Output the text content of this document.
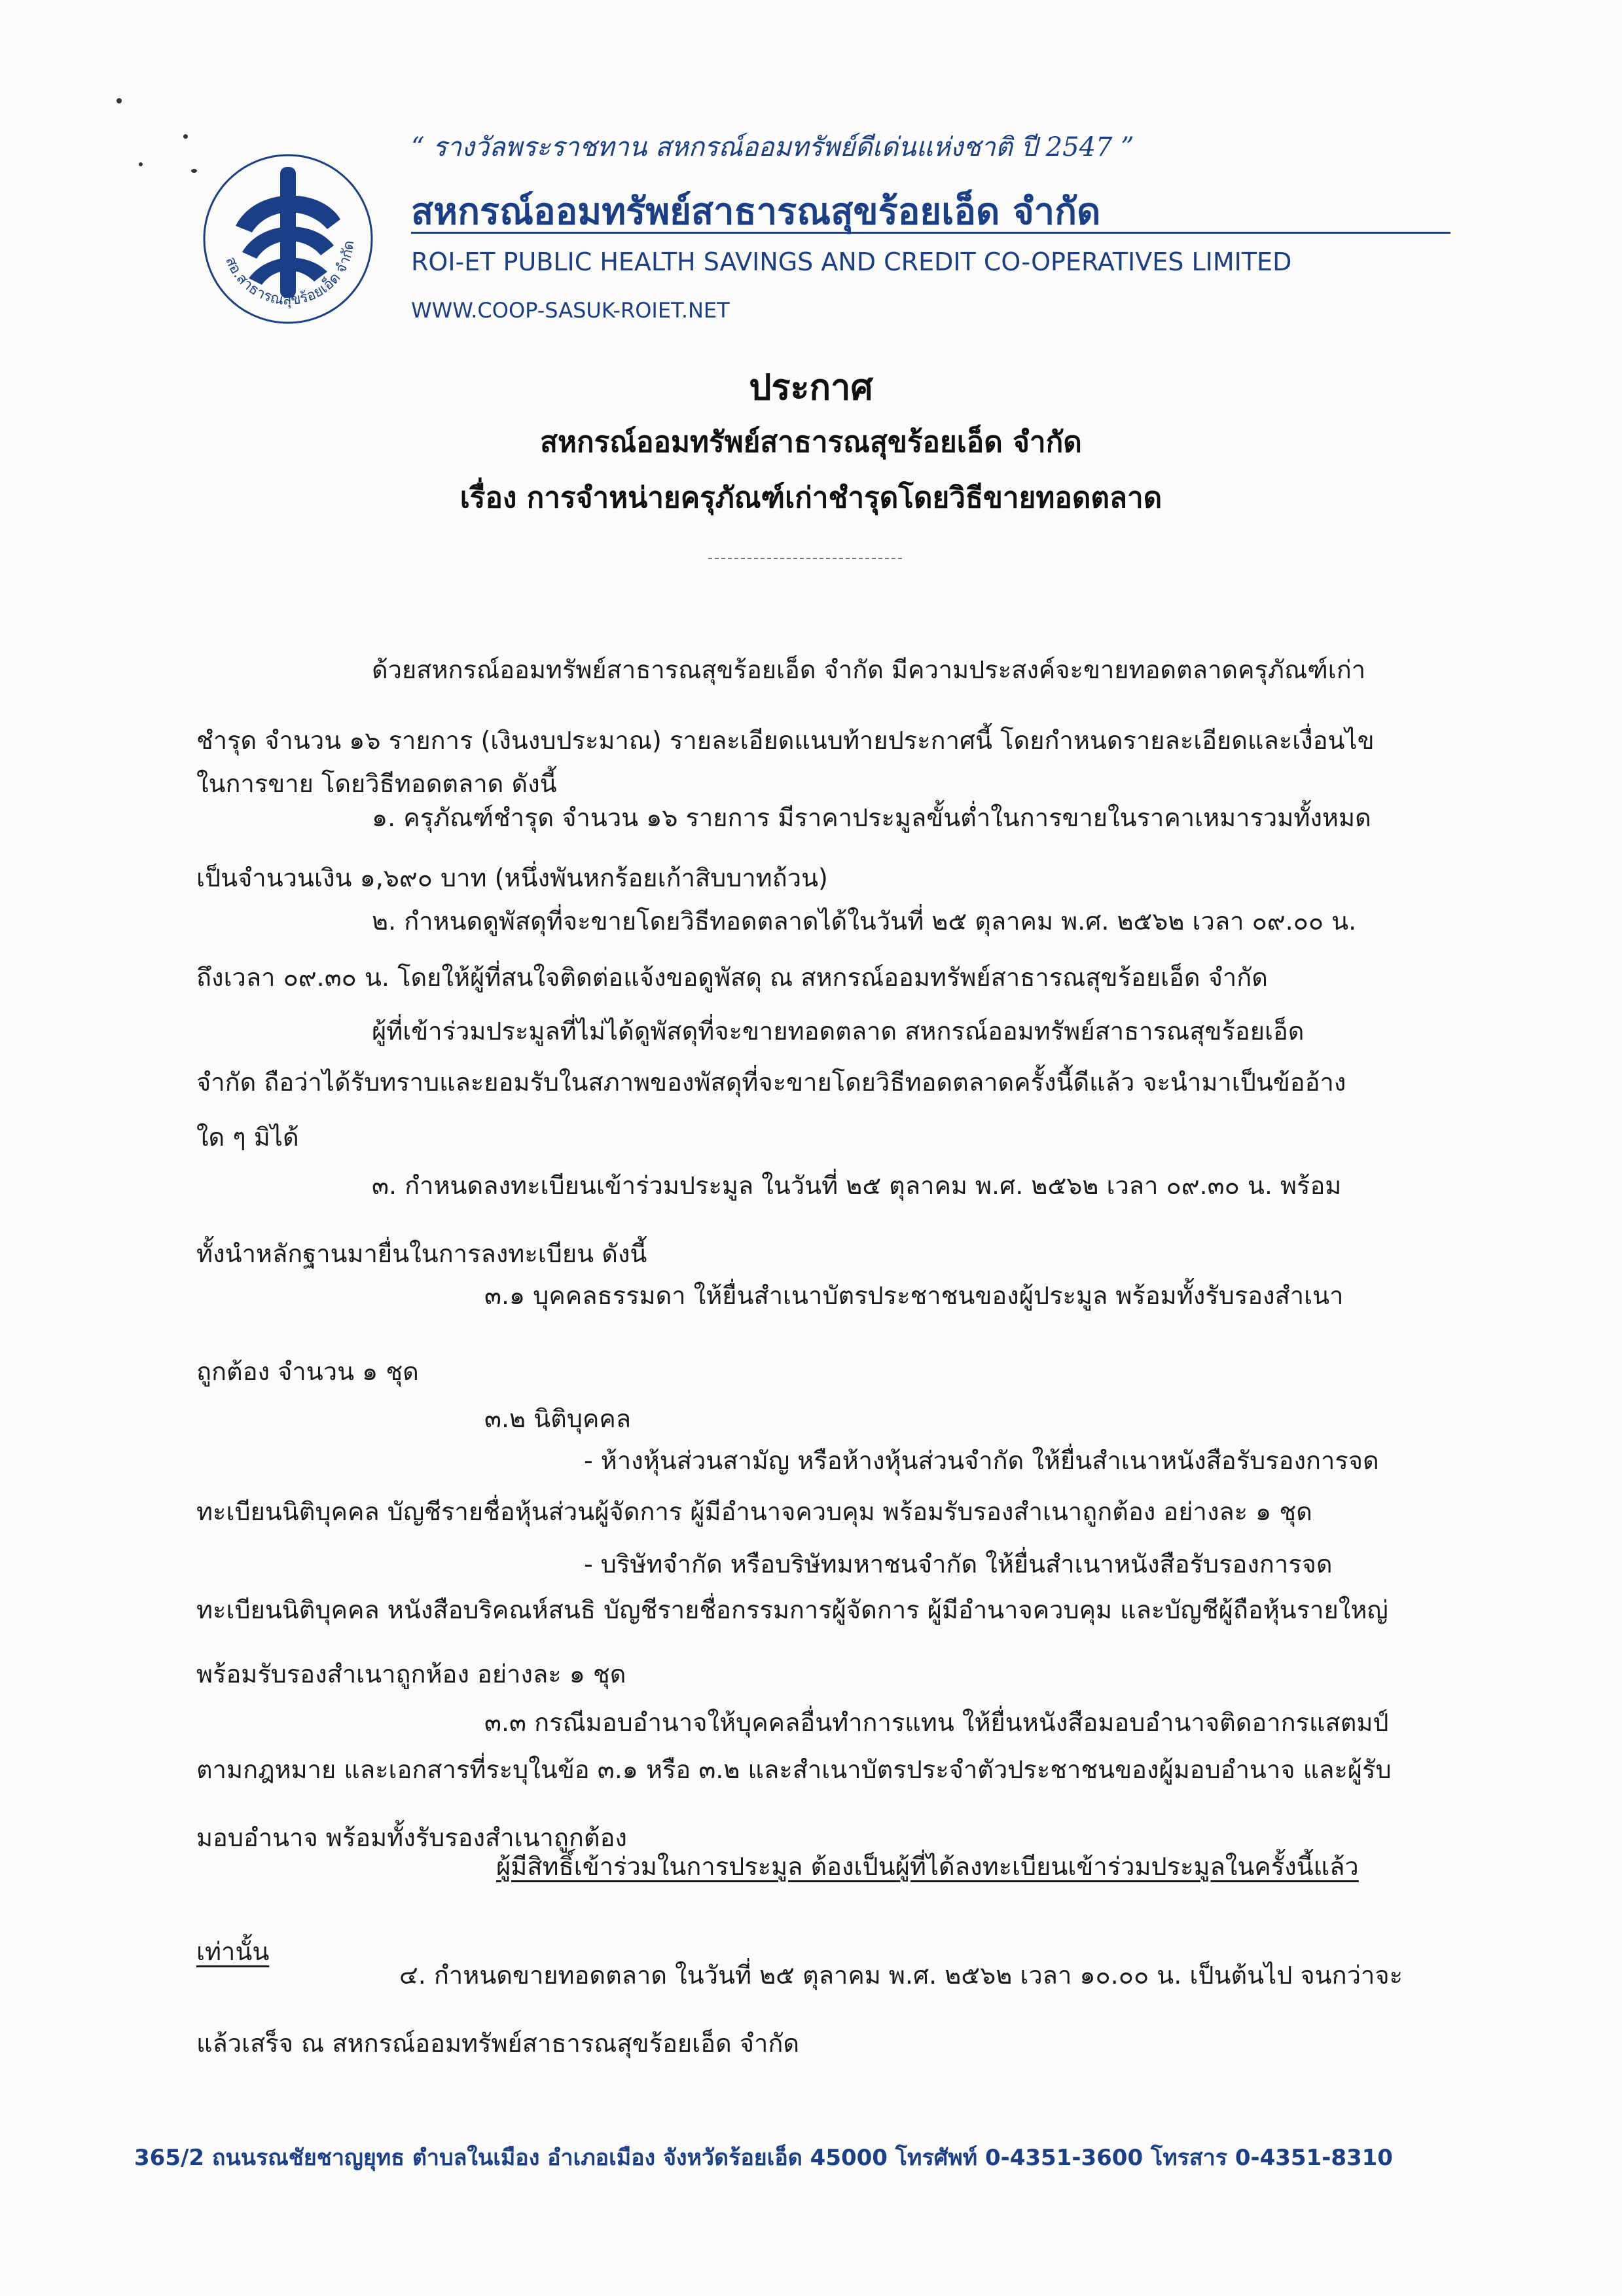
สอ.สาธารณสุขร้อยเอ็ด จำกัด
“ รางวัลพระราชทาน สหกรณ์ออมทรัพย์ดีเด่นแห่งชาติ ปี 2547 ”
สหกรณ์ออมทรัพย์สาธารณสุขร้อยเอ็ด จำกัด
ROI-ET PUBLIC HEALTH SAVINGS AND CREDIT CO-OPERATIVES LIMITED
WWW.COOP-SASUK-ROIET.NET
ประกาศ
สหกรณ์ออมทรัพย์สาธารณสุขร้อยเอ็ด จำกัด
เรื่อง การจำหน่ายครุภัณฑ์เก่าชำรุดโดยวิธีขายทอดตลาด
ด้วยสหกรณ์ออมทรัพย์สาธารณสุขร้อยเอ็ด จำกัด มีความประสงค์จะขายทอดตลาดครุภัณฑ์เก่า
ชำรุด จำนวน ๑๖ รายการ (เงินงบประมาณ) รายละเอียดแนบท้ายประกาศนี้ โดยกำหนดรายละเอียดและเงื่อนไข
ในการขาย โดยวิธีทอดตลาด ดังนี้
๑. ครุภัณฑ์ชำรุด จำนวน ๑๖ รายการ มีราคาประมูลขั้นต่ำในการขายในราคาเหมารวมทั้งหมด
เป็นจำนวนเงิน ๑,๖๙๐ บาท (หนึ่งพันหกร้อยเก้าสิบบาทถ้วน)
๒. กำหนดดูพัสดุที่จะขายโดยวิธีทอดตลาดได้ในวันที่ ๒๕ ตุลาคม พ.ศ. ๒๕๖๒ เวลา ๐๙.๐๐ น.
ถึงเวลา ๐๙.๓๐ น. โดยให้ผู้ที่สนใจติดต่อแจ้งขอดูพัสดุ ณ สหกรณ์ออมทรัพย์สาธารณสุขร้อยเอ็ด จำกัด
ผู้ที่เข้าร่วมประมูลที่ไม่ได้ดูพัสดุที่จะขายทอดตลาด สหกรณ์ออมทรัพย์สาธารณสุขร้อยเอ็ด
จำกัด ถือว่าได้รับทราบและยอมรับในสภาพของพัสดุที่จะขายโดยวิธีทอดตลาดครั้งนี้ดีแล้ว จะนำมาเป็นข้ออ้าง
ใด ๆ มิได้
๓. กำหนดลงทะเบียนเข้าร่วมประมูล ในวันที่ ๒๕ ตุลาคม พ.ศ. ๒๕๖๒ เวลา ๐๙.๓๐ น. พร้อม
ทั้งนำหลักฐานมายื่นในการลงทะเบียน ดังนี้
๓.๑ บุคคลธรรมดา ให้ยื่นสำเนาบัตรประชาชนของผู้ประมูล พร้อมทั้งรับรองสำเนา
ถูกต้อง จำนวน ๑ ชุด
๓.๒ นิติบุคคล
- ห้างหุ้นส่วนสามัญ หรือห้างหุ้นส่วนจำกัด ให้ยื่นสำเนาหนังสือรับรองการจด
ทะเบียนนิติบุคคล บัญชีรายชื่อหุ้นส่วนผู้จัดการ ผู้มีอำนาจควบคุม พร้อมรับรองสำเนาถูกต้อง อย่างละ ๑ ชุด
- บริษัทจำกัด หรือบริษัทมหาชนจำกัด ให้ยื่นสำเนาหนังสือรับรองการจด
ทะเบียนนิติบุคคล หนังสือบริคณห์สนธิ บัญชีรายชื่อกรรมการผู้จัดการ ผู้มีอำนาจควบคุม และบัญชีผู้ถือหุ้นรายใหญ่
พร้อมรับรองสำเนาถูกห้อง อย่างละ ๑ ชุด
๓.๓ กรณีมอบอำนาจให้บุคคลอื่นทำการแทน ให้ยื่นหนังสือมอบอำนาจติดอากรแสตมป์
ตามกฎหมาย และเอกสารที่ระบุในข้อ ๓.๑ หรือ ๓.๒ และสำเนาบัตรประจำตัวประชาชนของผู้มอบอำนาจ และผู้รับ
มอบอำนาจ พร้อมทั้งรับรองสำเนาถูกต้อง
ผู้มีสิทธิ์เข้าร่วมในการประมูล ต้องเป็นผู้ที่ได้ลงทะเบียนเข้าร่วมประมูลในครั้งนี้แล้ว
เท่านั้น
๔. กำหนดขายทอดตลาด ในวันที่ ๒๕ ตุลาคม พ.ศ. ๒๕๖๒ เวลา ๑๐.๐๐ น. เป็นต้นไป จนกว่าจะ
แล้วเสร็จ ณ สหกรณ์ออมทรัพย์สาธารณสุขร้อยเอ็ด จำกัด
365/2 ถนนรณชัยชาญยุทธ ตำบลในเมือง อำเภอเมือง จังหวัดร้อยเอ็ด 45000 โทรศัพท์ 0-4351-3600 โทรสาร 0-4351-8310
